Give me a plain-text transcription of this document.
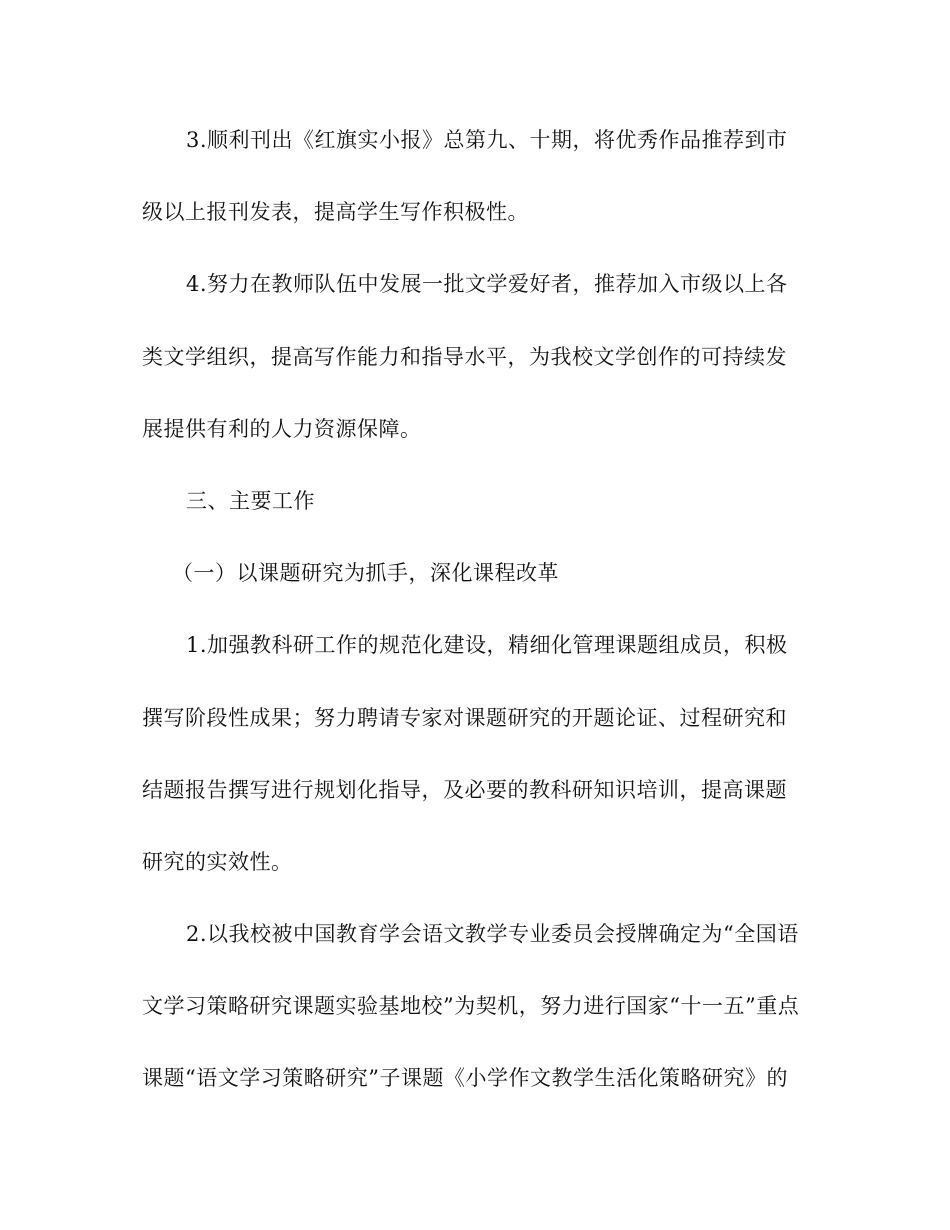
3.顺利刊出《红旗实小报》总第九、十期，将优秀作品推荐到市
级以上报刊发表，提高学生写作积极性。
4.努力在教师队伍中发展一批文学爱好者，推荐加入市级以上各
类文学组织，提高写作能力和指导水平，为我校文学创作的可持续发
展提供有利的人力资源保障。
三、主要工作
（一）以课题研究为抓手，深化课程改革
1.加强教科研工作的规范化建设，精细化管理课题组成员，积极
撰写阶段性成果；努力聘请专家对课题研究的开题论证、过程研究和
结题报告撰写进行规划化指导，及必要的教科研知识培训，提高课题
研究的实效性。
2.以我校被中国教育学会语文教学专业委员会授牌确定为“全国语
文学习策略研究课题实验基地校”为契机，努力进行国家“十一五”重点
课题“语文学习策略研究”子课题《小学作文教学生活化策略研究》的
